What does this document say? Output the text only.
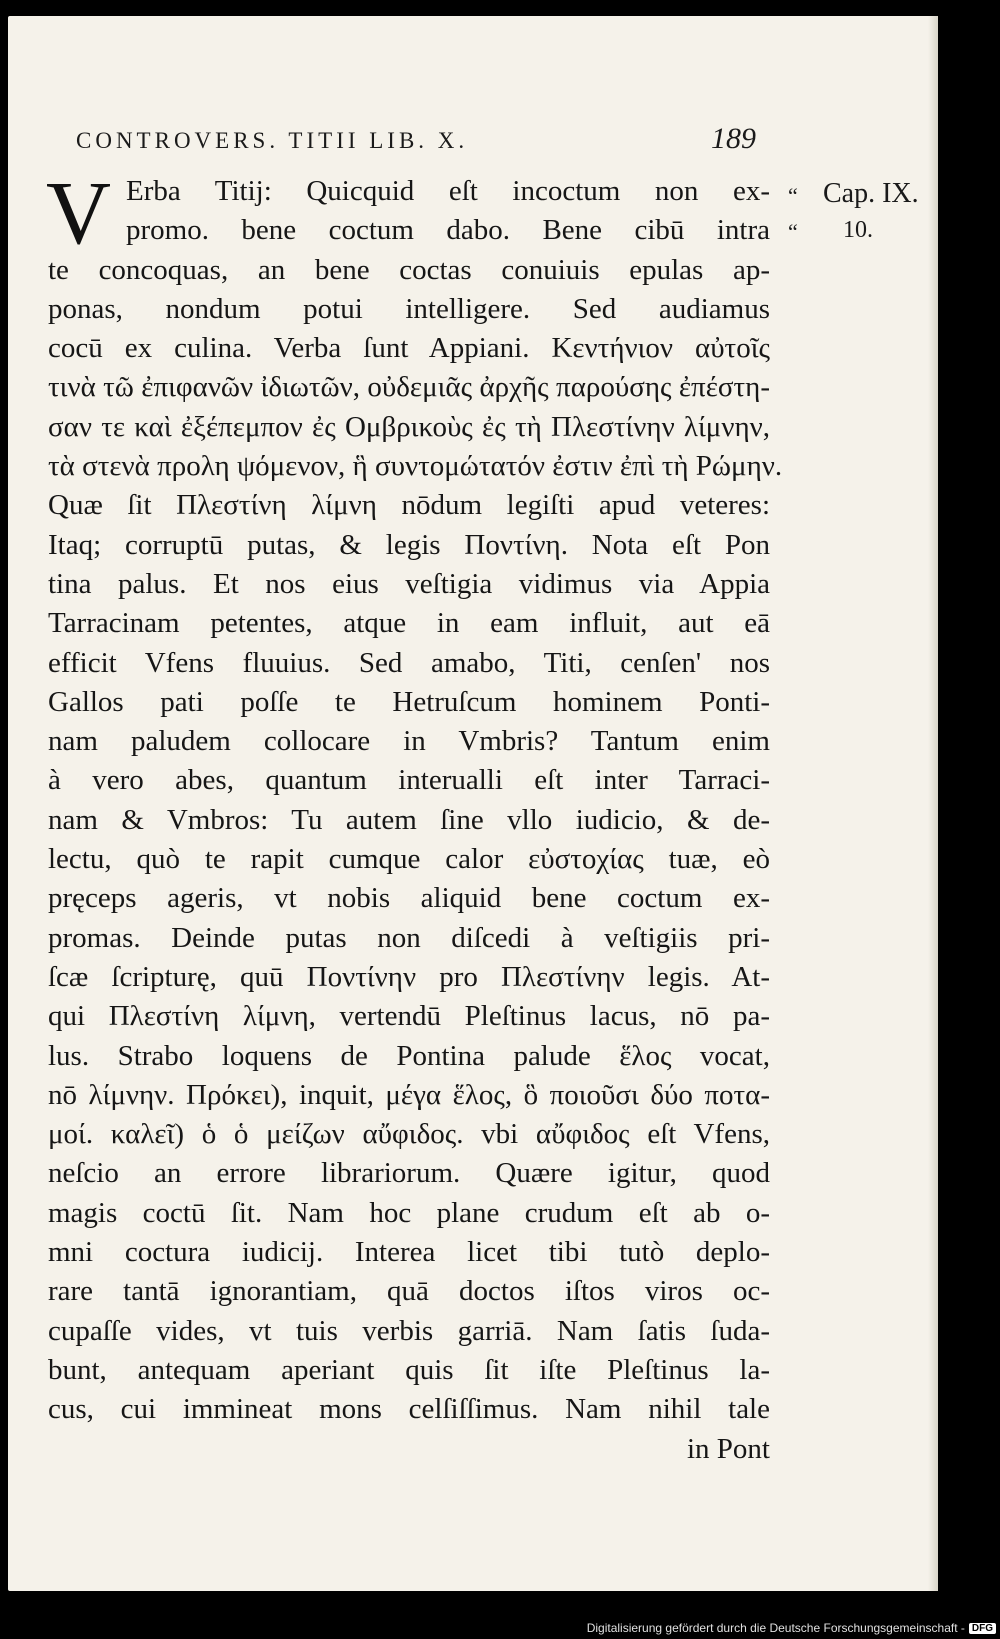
CONTROVERS. TITII LIB. X.	189
V Erba Titij: Quicquid eſt incoctum non ex-
promo. bene coctum dabo. Bene cibū intra
te concoquas, an bene coctas conuiuis epulas ap-
ponas, nondum potui intelligere. Sed audiamus
cocū ex culina. Verba ſunt Appiani. Κεντήνιον αὐτοῖς
τινὰ τῶ ἐπιφανῶν ἰδιωτῶν, οὐδεμιᾶς ἀρχῆς παρούσης ἐπέστη-
σαν τε καὶ ἐξέπεμπον ἐς Ομβρικοὺς ἐς τὴ Πλεστίνην λίμνην,
τὰ στενὰ προλη ψόμενον, ἣ συντομώτατόν ἐστιν ἐπὶ τὴ Ρώμην.
Quæ ſit Πλεστίνη λίμνη nōdum legiſti apud veteres:
Itaq; corruptū putas, & legis Ποντίνη. Nota eſt Pon
tina palus. Et nos eius veſtigia vidimus via Appia
Tarracinam petentes, atque in eam influit, aut eā
efficit Vfens fluuius. Sed amabo, Titi, cenſen' nos
Gallos pati poſſe te Hetruſcum hominem Ponti-
nam paludem collocare in Vmbris? Tantum enim
à vero abes, quantum interualli eſt inter Tarraci-
nam & Vmbros: Tu autem ſine vllo iudicio, & de-
lectu, quò te rapit cumque calor εὐστοχίας tuæ, eò
pręceps ageris, vt nobis aliquid bene coctum ex-
promas. Deinde putas non diſcedi à veſtigiis pri-
ſcæ ſcripturę, quū Ποντίνην pro Πλεστίνην legis. At-
qui Πλεστίνη λίμνη, vertendū Pleſtinus lacus, nō pa-
lus. Strabo loquens de Pontina palude ἕλος vocat,
nō λίμνην. Πρόκει), inquit, μέγα ἕλος, ὃ ποιοῦσι δύο ποτα-
μοί. καλεῖ) ὁ ὁ μείζων αὔφιδος. vbi αὔφιδος eſt Vfens,
neſcio an errore librariorum. Quære igitur, quod
magis coctū ſit. Nam hoc plane crudum eſt ab o-
mni coctura iudicij. Interea licet tibi tutò deplo-
rare tantā ignorantiam, quā doctos iſtos viros oc-
cupaſſe vides, vt tuis verbis garriā. Nam ſatis ſuda-
bunt, antequam aperiant quis ſit iſte Pleſtinus la-
cus, cui immineat mons celſiſſimus. Nam nihil tale
in Pont
“
“
Cap. IX.
10.
Digitalisierung gefördert durch die Deutsche Forschungsgemeinschaft - DFG
